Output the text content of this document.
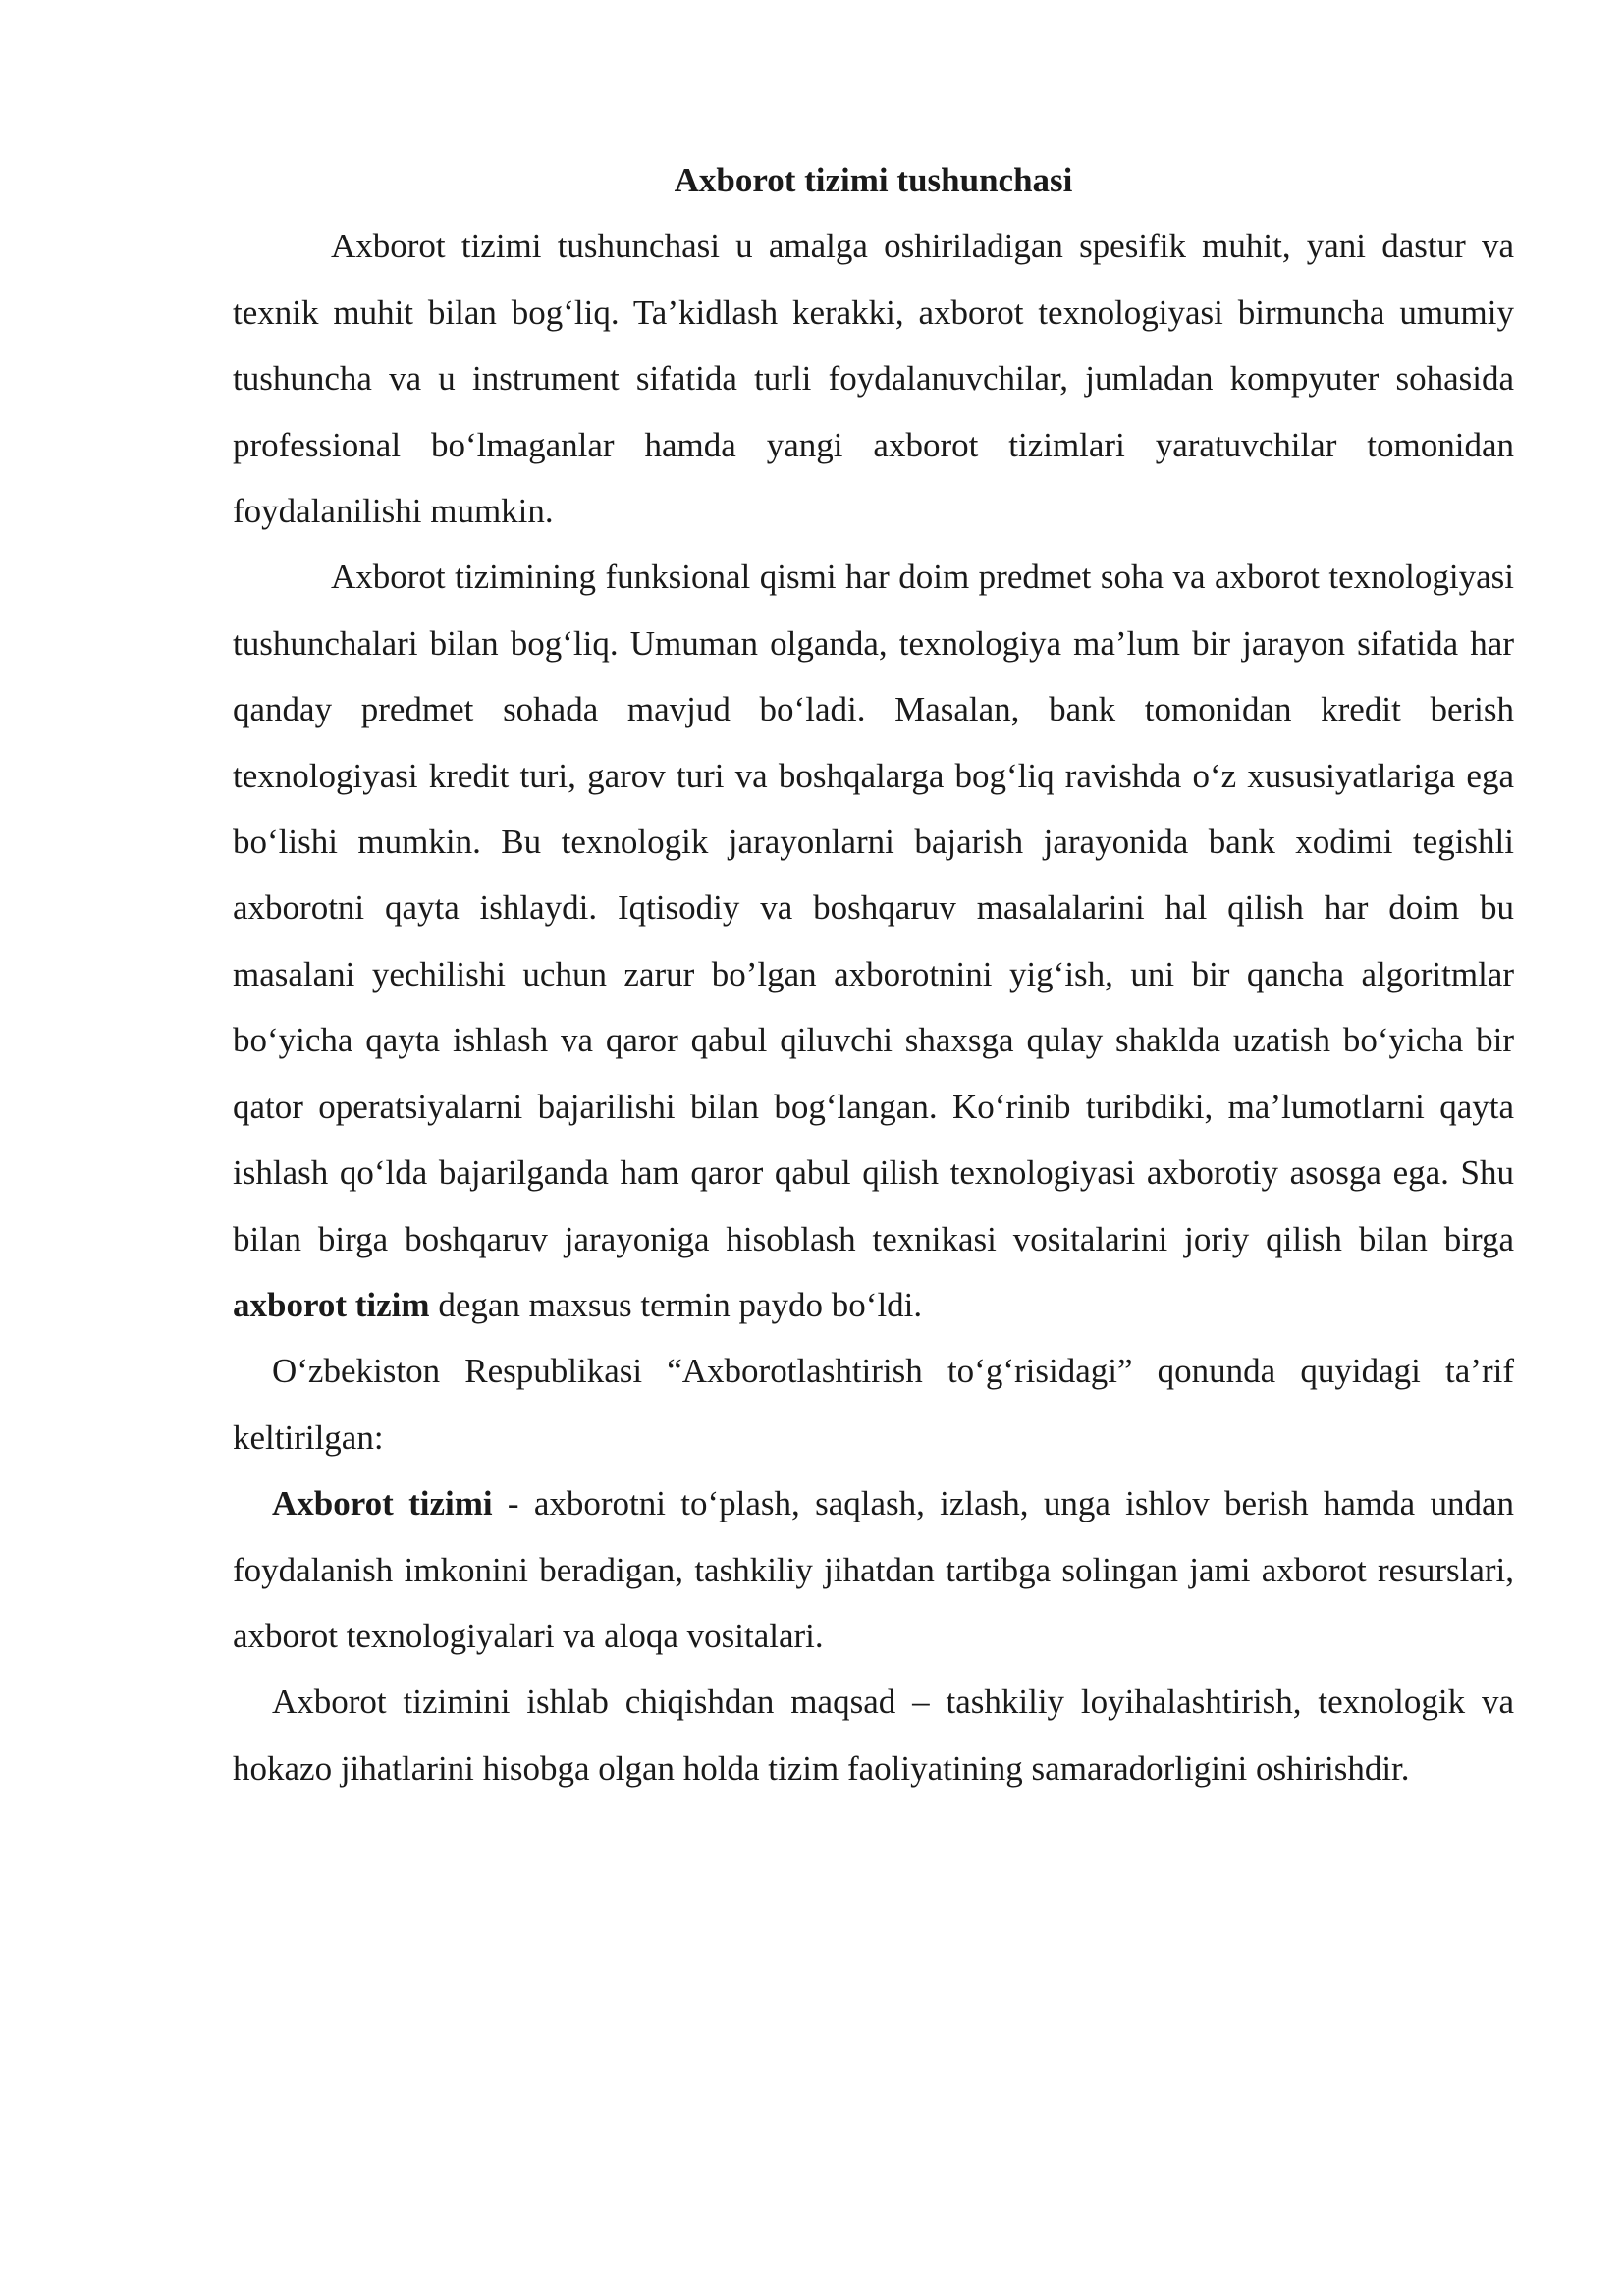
Axborot tizimi tushunchasi

Axborot tizimi tushunchasi u amalga oshiriladigan spesifik muhit, yani dastur va texnik muhit bilan bog‘liq. Ta’kidlash kerakki, axborot texnologiyasi birmuncha umumiy tushuncha va u instrument sifatida turli foydalanuvchilar, jumladan kompyuter sohasida professional bo‘lmaganlar hamda yangi axborot tizimlari yaratuvchilar tomonidan foydalanilishi mumkin.

Axborot tizimining funksional qismi har doim predmet soha va axborot texnologiyasi tushunchalari bilan bog‘liq. Umuman olganda, texnologiya ma’lum bir jarayon sifatida har qanday predmet sohada mavjud bo‘ladi. Masalan, bank tomonidan kredit berish texnologiyasi kredit turi, garov turi va boshqalarga bog‘liq ravishda o‘z xususiyatlariga ega bo‘lishi mumkin. Bu texnologik jarayonlarni bajarish jarayonida bank xodimi tegishli axborotni qayta ishlaydi. Iqtisodiy va boshqaruv masalalarini hal qilish har doim bu masalani yechilishi uchun zarur bo’lgan axborotnini yig‘ish, uni bir qancha algoritmlar bo‘yicha qayta ishlash va qaror qabul qiluvchi shaxsga qulay shaklda uzatish bo‘yicha bir qator operatsiyalarni bajarilishi bilan bog‘langan. Ko‘rinib turibdiki, ma’lumotlarni qayta ishlash qo‘lda bajarilganda ham qaror qabul qilish texnologiyasi axborotiy asosga ega. Shu bilan birga boshqaruv jarayoniga hisoblash texnikasi vositalarini joriy qilish bilan birga axborot tizim degan maxsus termin paydo bo‘ldi.

O‘zbekiston Respublikasi “Axborotlashtirish to‘g‘risidagi” qonunda quyidagi ta’rif keltirilgan:

Axborot tizimi - axborotni to‘plash, saqlash, izlash, unga ishlov berish hamda undan foydalanish imkonini beradigan, tashkiliy jihatdan tartibga solingan jami axborot resurslari, axborot texnologiyalari va aloqa vositalari.

Axborot tizimini ishlab chiqishdan maqsad – tashkiliy loyihalashtirish, texnologik va hokazo jihatlarini hisobga olgan holda tizim faoliyatining samaradorligini oshirishdir.
